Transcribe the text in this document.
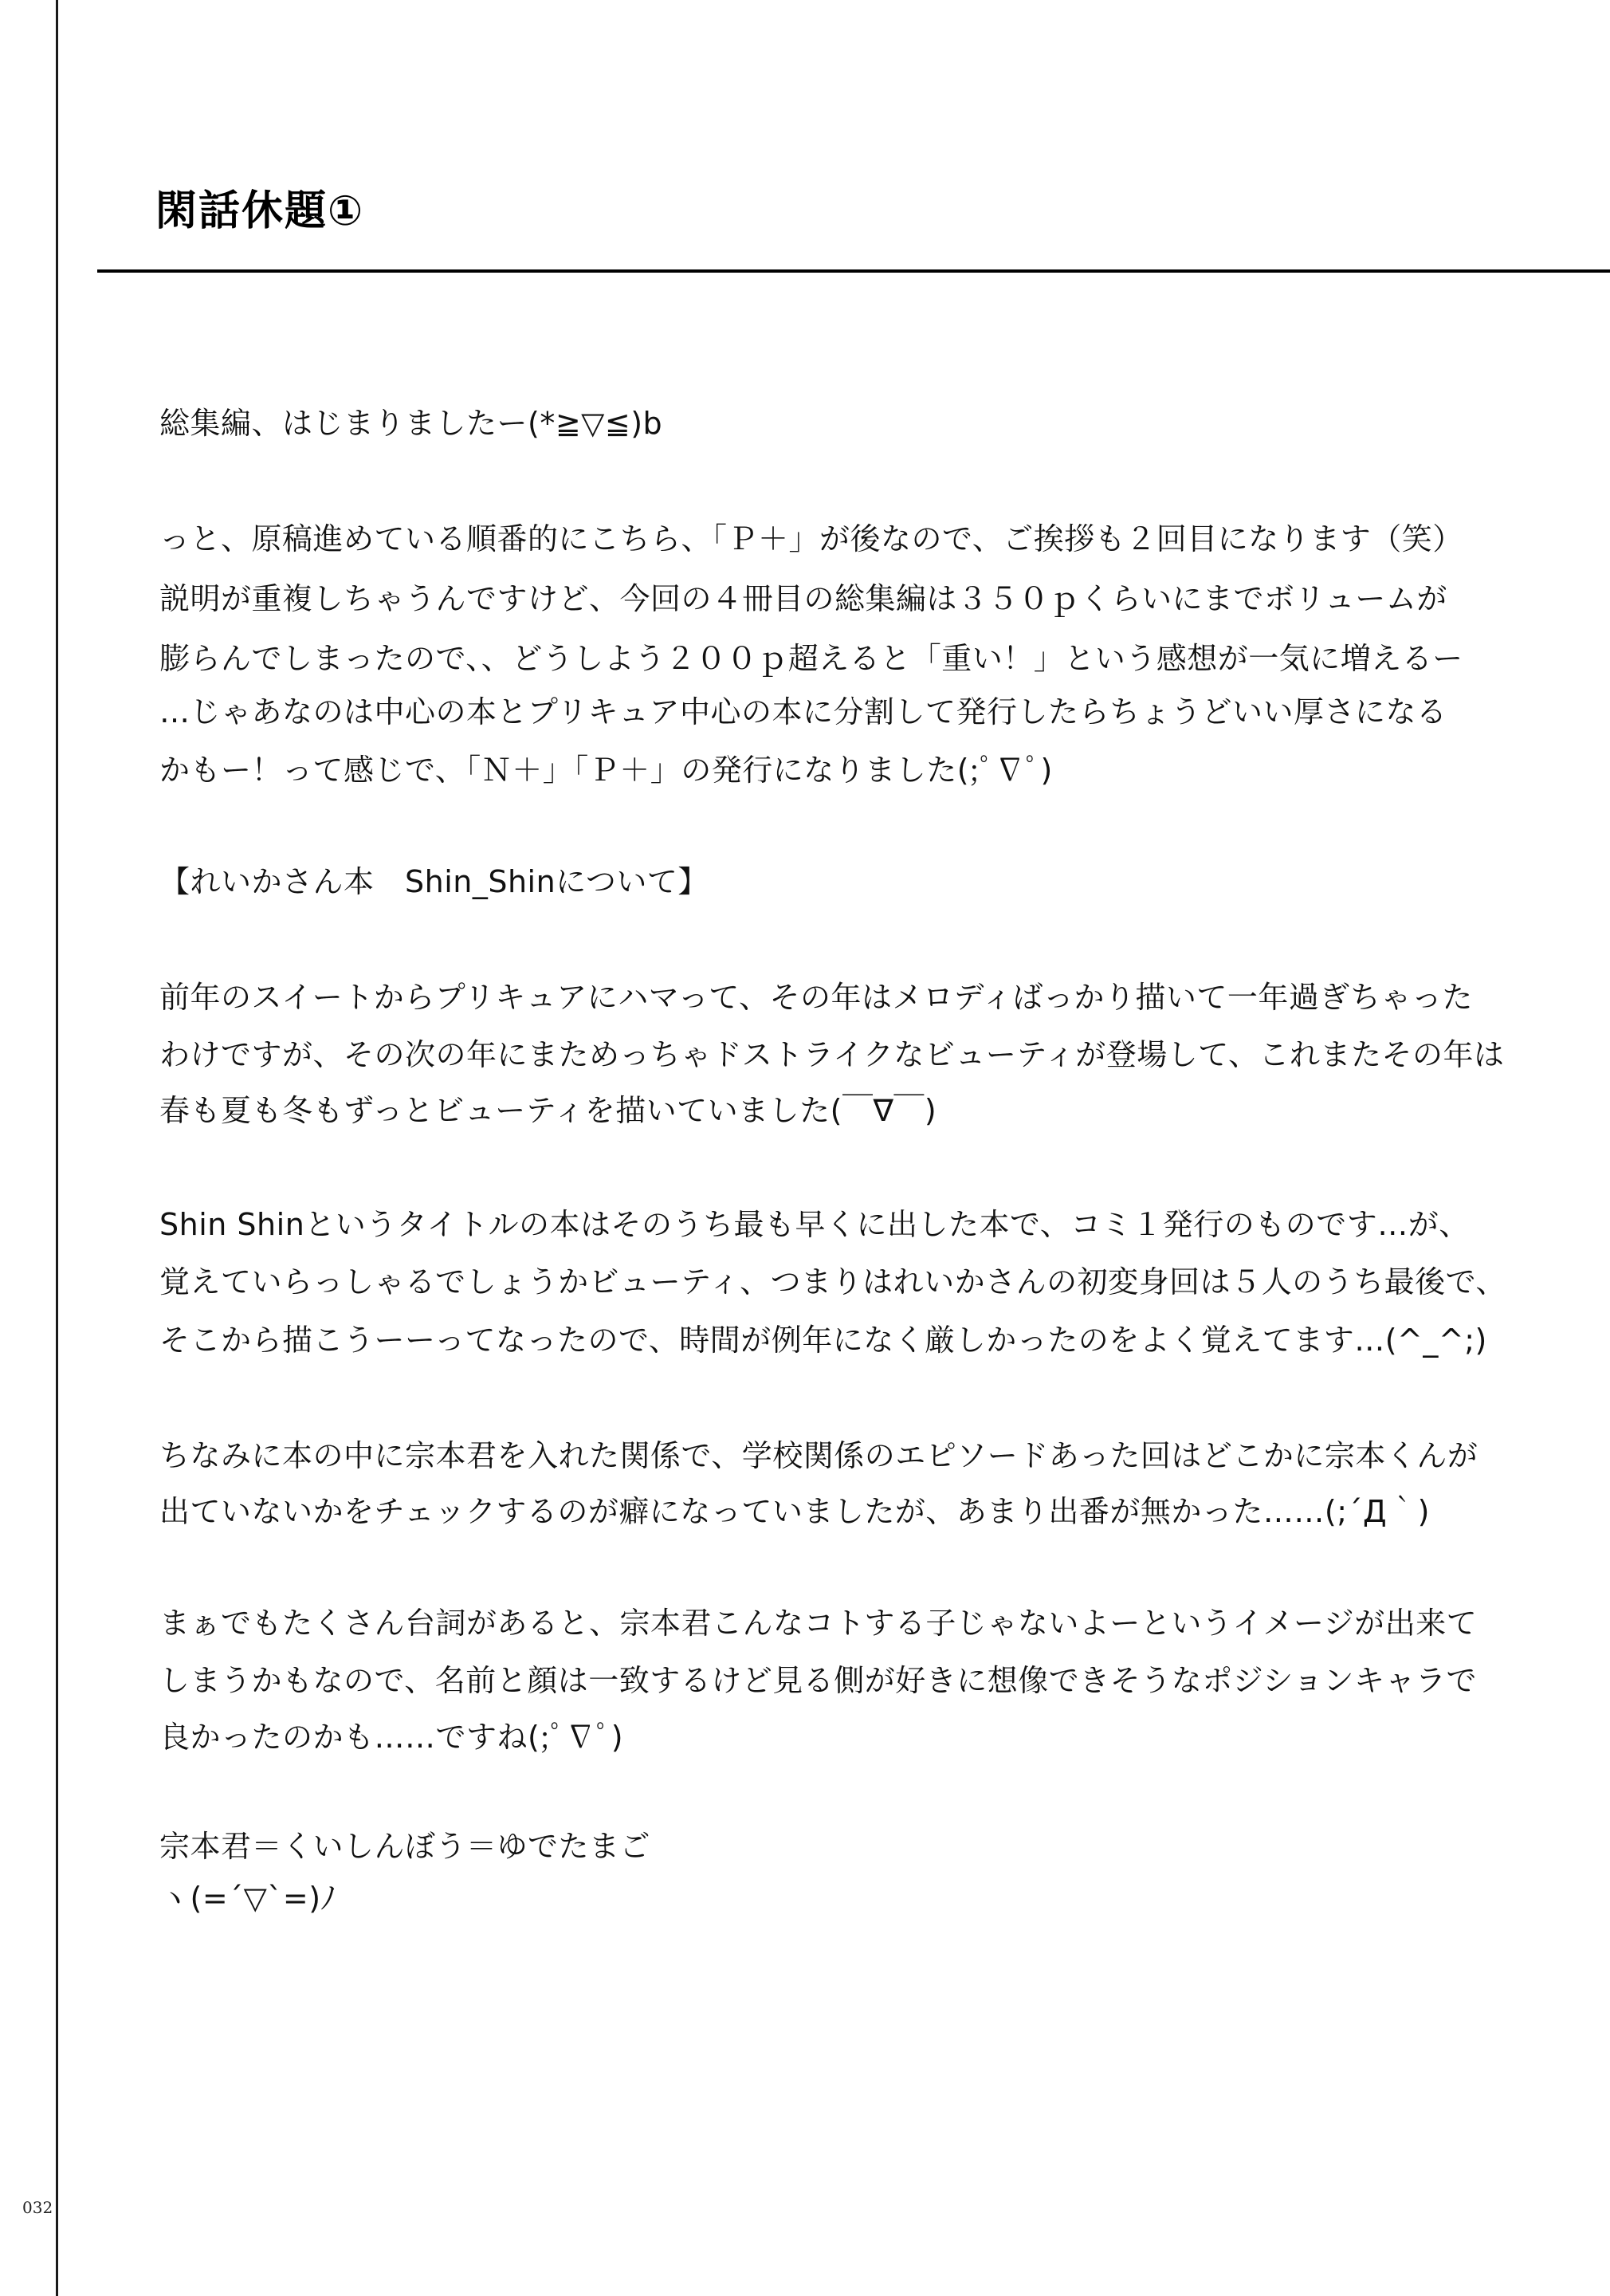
閑話休題①
総集編、はじまりましたー(*≧▽≦)b
っと、原稿進めている順番的にこちら、「Ｐ＋」が後なので、ご挨拶も２回目になります（笑）
説明が重複しちゃうんですけど、今回の４冊目の総集編は３５０ｐくらいにまでボリュームが
膨らんでしまったので、、どうしよう２００ｐ超えると「重い！」という感想が一気に増えるー
…じゃあなのは中心の本とプリキュア中心の本に分割して発行したらちょうどいい厚さになる
かもー！って感じで、「Ｎ＋」「Ｐ＋」の発行になりました(;ﾟ∇ﾟ)
【れいかさん本　Shin_Shinについて】
前年のスイートからプリキュアにハマって、その年はメロディばっかり描いて一年過ぎちゃった
わけですが、その次の年にまためっちゃドストライクなビューティが登場して、これまたその年は
春も夏も冬もずっとビューティを描いていました(￣∇￣)
Shin Shinというタイトルの本はそのうち最も早くに出した本で、コミ１発行のものです…が、
覚えていらっしゃるでしょうかビューティ、つまりはれいかさんの初変身回は５人のうち最後で、
そこから描こうーーってなったので、時間が例年になく厳しかったのをよく覚えてます…(^_^;)
ちなみに本の中に宗本君を入れた関係で、学校関係のエピソードあった回はどこかに宗本くんが
出ていないかをチェックするのが癖になっていましたが、あまり出番が無かった……(;´Д｀)
まぁでもたくさん台詞があると、宗本君こんなコトする子じゃないよーというイメージが出来て
しまうかもなので、名前と顔は一致するけど見る側が好きに想像できそうなポジションキャラで
良かったのかも……ですね(;ﾟ∇ﾟ)
宗本君＝くいしんぼう＝ゆでたまご
ヽ(=´▽`=)ﾉ
032
